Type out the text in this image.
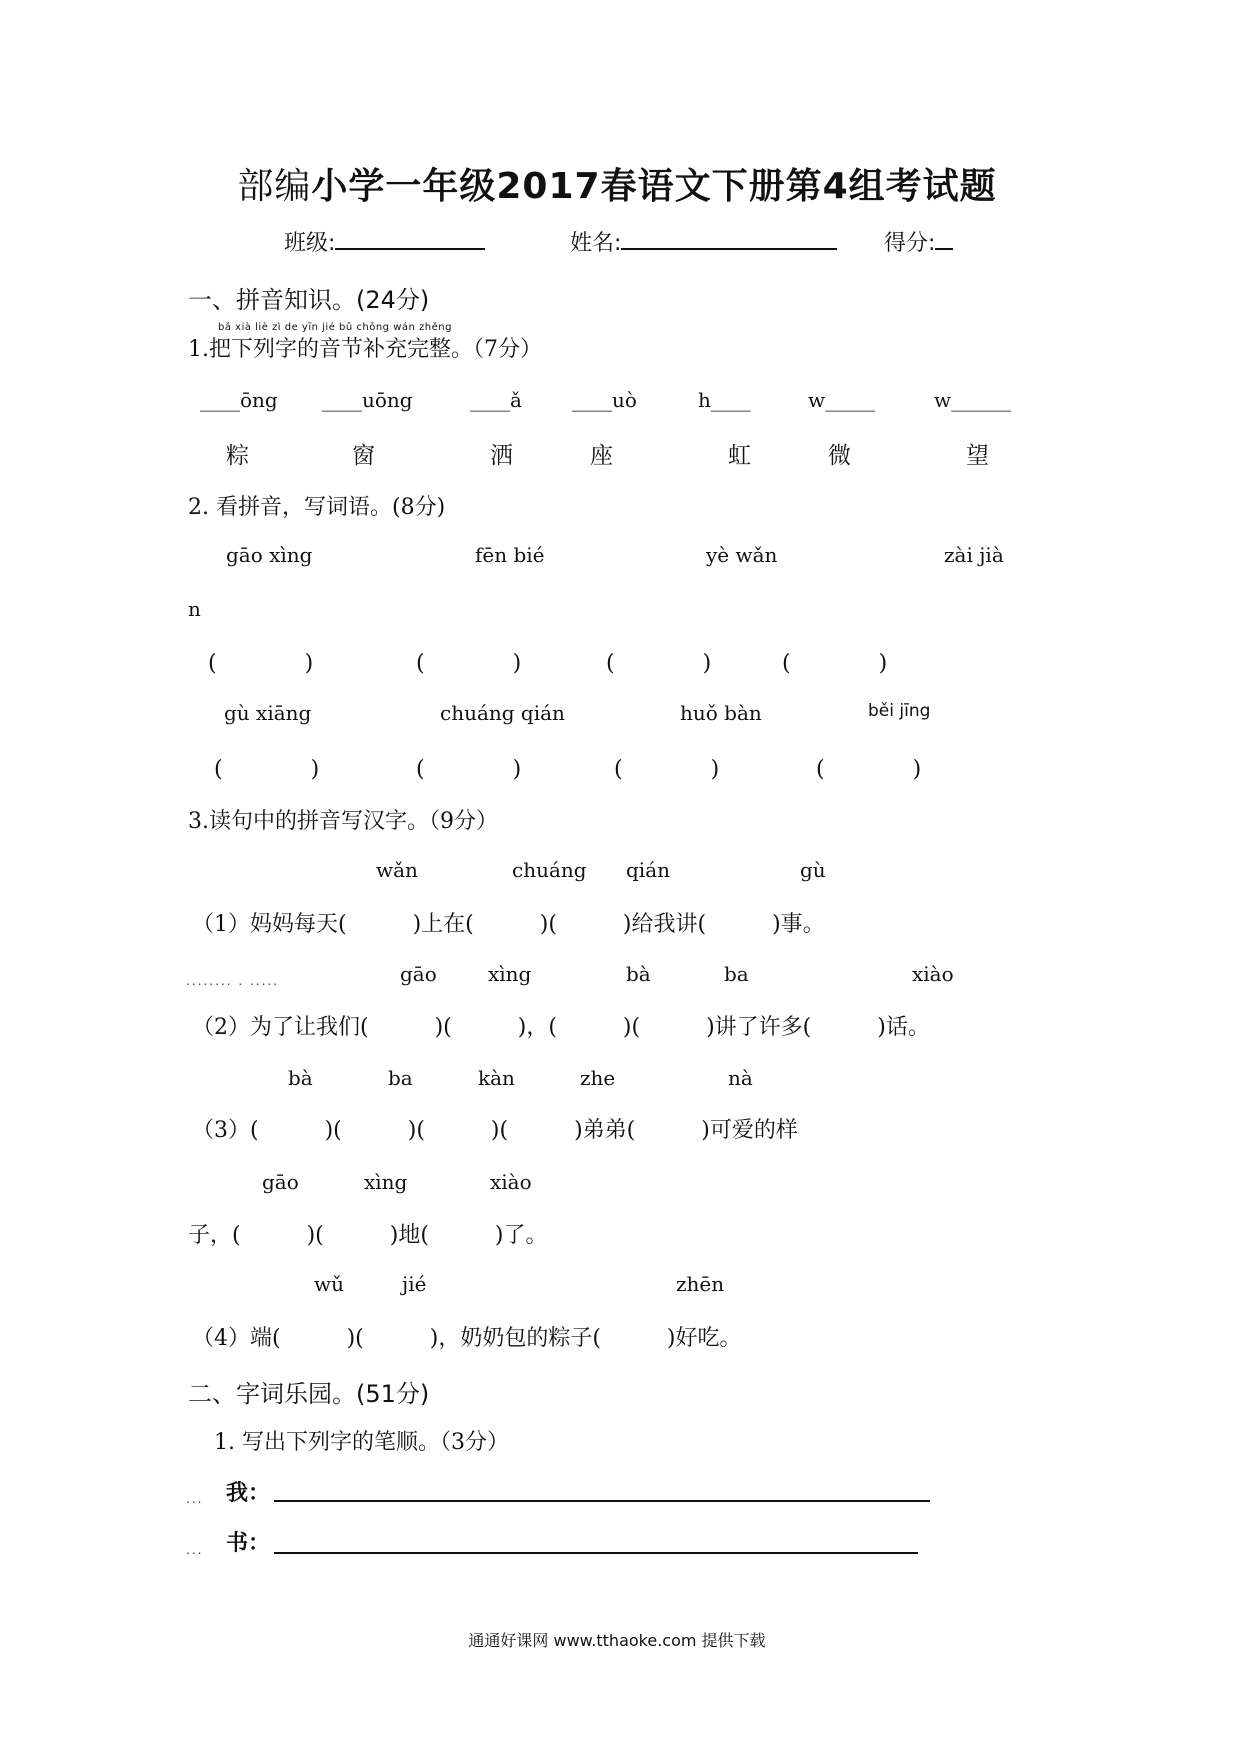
部编小学一年级2017春语文下册第4组考试题
班级:	姓名:	得分:
一、拼音知识。(24分)
bǎ xià liè zì de yīn jié bǔ chōng wán zhěng
1.把下列字的音节补充完整。（7分）
____ōng ____uōng	____ǎ	____uò	h____	w_____	w______
粽	窗	洒	座	虹	微	望
2. 看拼音，写词语。(8分)
gāo xìng	fēn bié	yè wǎn	zài jià
n
(　　　　)	(　　　　)	(　　　　)	(　　　　)
gù xiāng	chuáng qián	huǒ bàn	běi jīng
(　　　　)	(　　　　)	(　　　　)	(　　　　)
3.读句中的拼音写汉字。（9分）
wǎn	chuáng qián	gù
（1）妈妈每天(　　　)上在(　　　)(　　　)给我讲(　　　)事。
........ . .....	gāo	xìng	bà	ba	xiào
（2）为了让我们(　　　)(　　　)，(　　　)(　　　)讲了许多(　　　)话。
bà	ba	kàn	zhe	nà
（3）(　　　)(　　　)(　　　)(　　　)弟弟(　　　)可爱的样
gāo	xìng	xiào
子，(　　　)(　　　)地(　　　)了。
wǔ	jié	zhēn
（4）端(　　　)(　　　)，奶奶包的粽子(　　　)好吃。
二、字词乐园。(51分)
1. 写出下列字的笔顺。（3分）
... 我：
... 书：
通通好课网 www.tthaoke.com 提供下载
